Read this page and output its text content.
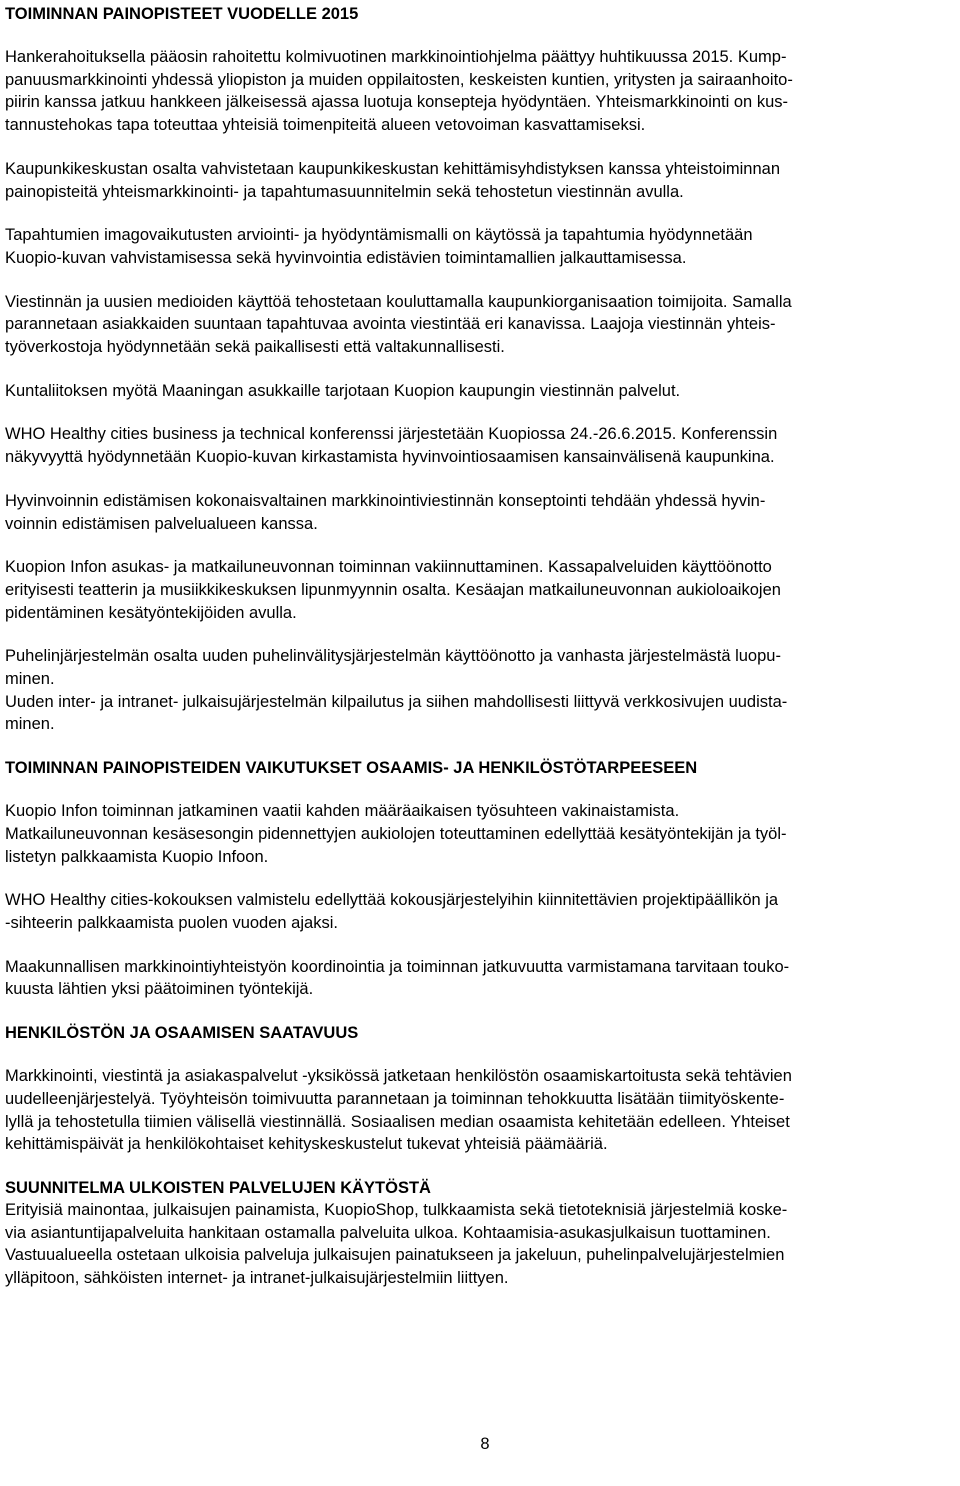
TOIMINNAN PAINOPISTEET VUODELLE 2015

Hankerahoituksella pääosin rahoitettu kolmivuotinen markkinointiohjelma päättyy huhtikuussa 2015. Kump-
panuusmarkkinointi yhdessä yliopiston ja muiden oppilaitosten, keskeisten kuntien, yritysten ja sairaanhoito-
piirin kanssa jatkuu hankkeen jälkeisessä ajassa luotuja konsepteja hyödyntäen. Yhteismarkkinointi on kus-
tannustehokas tapa toteuttaa yhteisiä toimenpiteitä alueen vetovoiman kasvattamiseksi.

Kaupunkikeskustan osalta vahvistetaan kaupunkikeskustan kehittämisyhdistyksen kanssa yhteistoiminnan
painopisteitä yhteismarkkinointi- ja tapahtumasuunnitelmin sekä tehostetun viestinnän avulla.

Tapahtumien imagovaikutusten arviointi- ja hyödyntämismalli on käytössä ja tapahtumia hyödynnetään
Kuopio-kuvan vahvistamisessa sekä hyvinvointia edistävien toimintamallien jalkauttamisessa.

Viestinnän ja uusien medioiden käyttöä tehostetaan kouluttamalla kaupunkiorganisaation toimijoita. Samalla
parannetaan asiakkaiden suuntaan tapahtuvaa avointa viestintää eri kanavissa. Laajoja viestinnän yhteis-
työverkostoja hyödynnetään sekä paikallisesti että valtakunnallisesti.

Kuntaliitoksen myötä Maaningan asukkaille tarjotaan Kuopion kaupungin viestinnän palvelut.

WHO Healthy cities business ja technical konferenssi järjestetään Kuopiossa 24.-26.6.2015. Konferenssin
näkyvyyttä hyödynnetään Kuopio-kuvan kirkastamista hyvinvointiosaamisen kansainvälisenä kaupunkina.

Hyvinvoinnin edistämisen kokonaisvaltainen markkinointiviestinnän konseptointi tehdään yhdessä hyvin-
voinnin edistämisen palvelualueen kanssa.

Kuopion Infon asukas- ja matkailuneuvonnan toiminnan vakiinnuttaminen. Kassapalveluiden käyttöönotto
erityisesti teatterin ja musiikkikeskuksen lipunmyynnin osalta. Kesäajan matkailuneuvonnan aukioloaikojen
pidentäminen kesätyöntekijöiden avulla.

Puhelinjärjestelmän osalta uuden puhelinvälitysjärjestelmän käyttöönotto ja vanhasta järjestelmästä luopu-
minen.
Uuden inter- ja intranet- julkaisujärjestelmän kilpailutus ja siihen mahdollisesti liittyvä verkkosivujen uudista-
minen.

TOIMINNAN PAINOPISTEIDEN VAIKUTUKSET OSAAMIS- JA HENKILÖSTÖTARPEESEEN

Kuopio Infon toiminnan jatkaminen vaatii kahden määräaikaisen työsuhteen vakinaistamista.
Matkailuneuvonnan kesäsesongin pidennettyjen aukiolojen toteuttaminen edellyttää kesätyöntekijän ja työl-
listetyn palkkaamista Kuopio Infoon.

WHO Healthy cities-kokouksen valmistelu edellyttää kokousjärjestelyihin kiinnitettävien projektipäällikön ja
-sihteerin palkkaamista puolen vuoden ajaksi.

Maakunnallisen markkinointiyhteistyön koordinointia ja toiminnan jatkuvuutta varmistamana tarvitaan touko-
kuusta lähtien yksi päätoiminen työntekijä.

HENKILÖSTÖN JA OSAAMISEN SAATAVUUS

Markkinointi, viestintä ja asiakaspalvelut -yksikössä jatketaan henkilöstön osaamiskartoitusta sekä tehtävien
uudelleenjärjestelyä. Työyhteisön toimivuutta parannetaan ja toiminnan tehokkuutta lisätään tiimityöskente-
lyllä ja tehostetulla tiimien välisellä viestinnällä. Sosiaalisen median osaamista kehitetään edelleen. Yhteiset
kehittämispäivät ja henkilökohtaiset kehityskeskustelut tukevat yhteisiä päämääriä.

SUUNNITELMA ULKOISTEN PALVELUJEN KÄYTÖSTÄ

Erityisiä mainontaa, julkaisujen painamista, KuopioShop, tulkkaamista sekä tietoteknisiä järjestelmiä koske-
via asiantuntijapalveluita hankitaan ostamalla palveluita ulkoa. Kohtaamisia-asukasjulkaisun tuottaminen.
Vastuualueella ostetaan ulkoisia palveluja julkaisujen painatukseen ja jakeluun, puhelinpalvelujärjestelmien
ylläpitoon, sähköisten internet- ja intranet-julkaisujärjestelmiin liittyen.

8
